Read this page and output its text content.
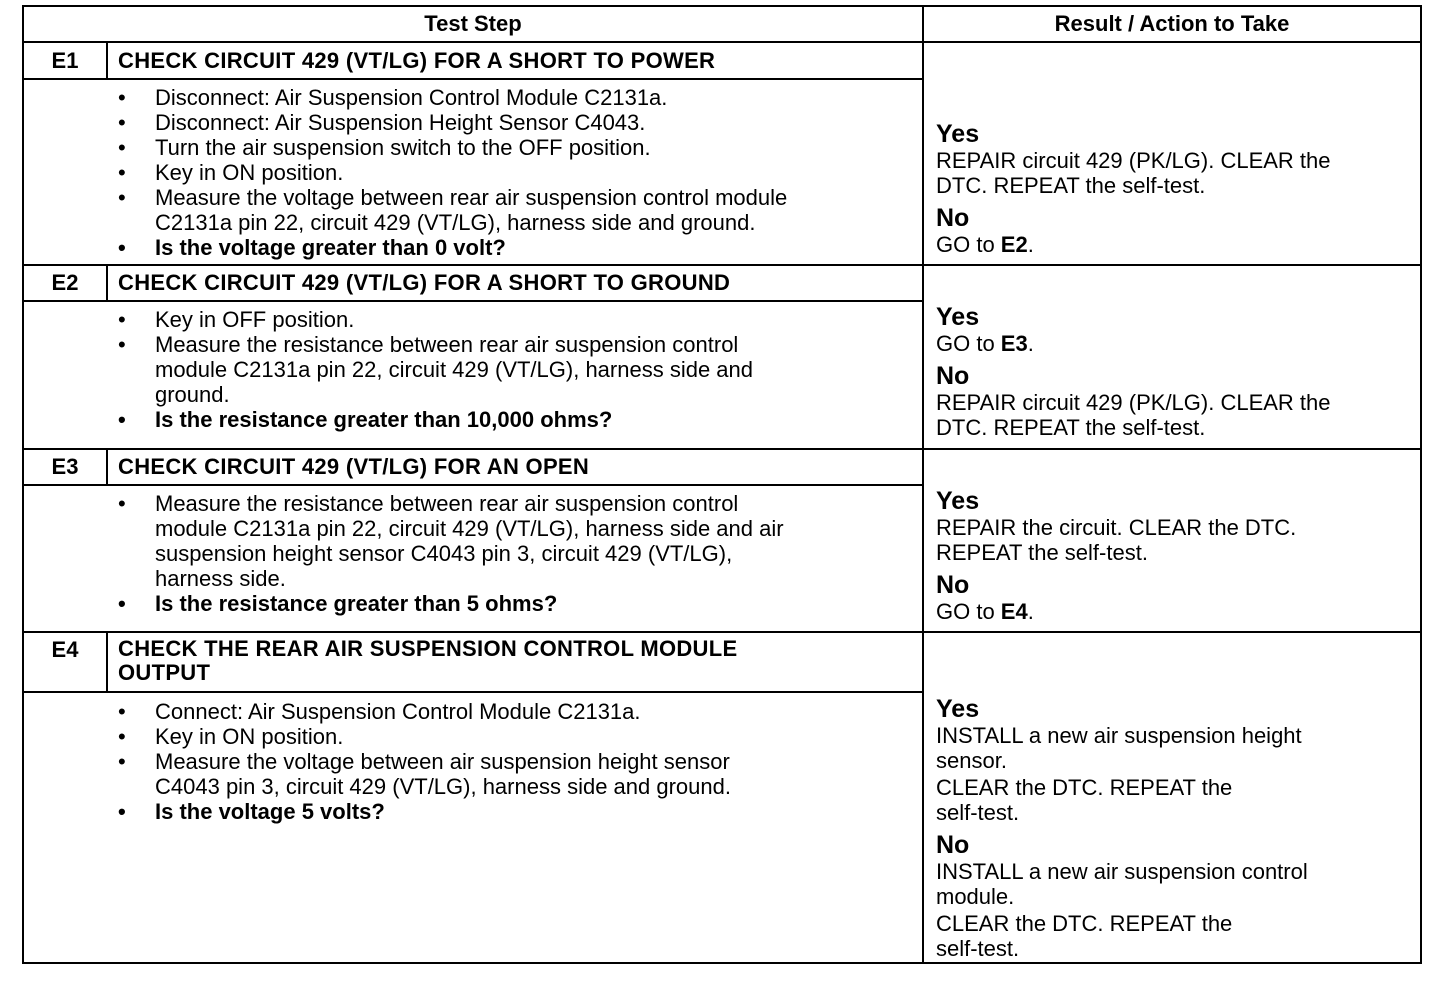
Test Step	Result / Action to Take
E1	CHECK CIRCUIT 429 (VT/LG) FOR A SHORT TO POWER
• Disconnect: Air Suspension Control Module C2131a.
• Disconnect: Air Suspension Height Sensor C4043.
• Turn the air suspension switch to the OFF position.
• Key in ON position.
• Measure the voltage between rear air suspension control module
C2131a pin 22, circuit 429 (VT/LG), harness side and ground.
• Is the voltage greater than 0 volt?
Yes
REPAIR circuit 429 (PK/LG). CLEAR the
DTC. REPEAT the self-test.
No
GO to E2.
E2	CHECK CIRCUIT 429 (VT/LG) FOR A SHORT TO GROUND
• Key in OFF position.
• Measure the resistance between rear air suspension control
module C2131a pin 22, circuit 429 (VT/LG), harness side and
ground.
• Is the resistance greater than 10,000 ohms?
Yes
GO to E3.
No
REPAIR circuit 429 (PK/LG). CLEAR the
DTC. REPEAT the self-test.
E3	CHECK CIRCUIT 429 (VT/LG) FOR AN OPEN
• Measure the resistance between rear air suspension control
module C2131a pin 22, circuit 429 (VT/LG), harness side and air
suspension height sensor C4043 pin 3, circuit 429 (VT/LG),
harness side.
• Is the resistance greater than 5 ohms?
Yes
REPAIR the circuit. CLEAR the DTC.
REPEAT the self-test.
No
GO to E4.
E4	CHECK THE REAR AIR SUSPENSION CONTROL MODULE
OUTPUT
• Connect: Air Suspension Control Module C2131a.
• Key in ON position.
• Measure the voltage between air suspension height sensor
C4043 pin 3, circuit 429 (VT/LG), harness side and ground.
• Is the voltage 5 volts?
Yes
INSTALL a new air suspension height
sensor.
CLEAR the DTC. REPEAT the
self-test.
No
INSTALL a new air suspension control
module.
CLEAR the DTC. REPEAT the
self-test.
